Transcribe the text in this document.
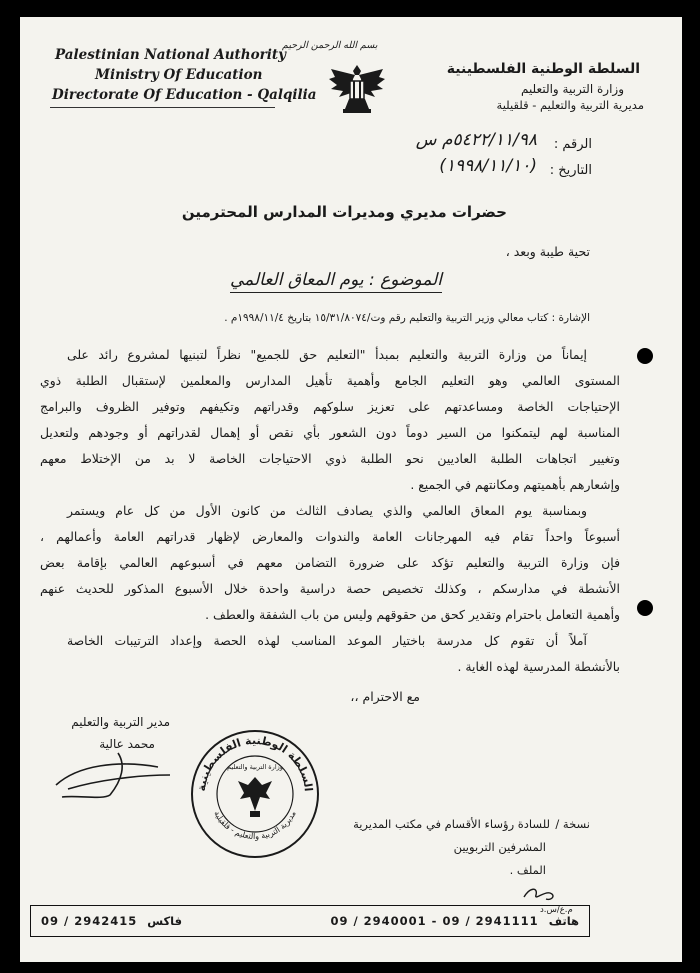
Palestinian National Authority
Ministry Of Education
Directorate Of Education - Qalqilia
بسم الله الرحمن الرحيم
السلطة الوطنية الفلسطينية
وزارة التربية والتعليم
مديرية التربية والتعليم - قلقيلية
الرقم :
٥٤٢٢/١١/٩٨م س
التاريخ :
(١٩٩٨/١١/١٠)
حضرات مديري ومديرات المدارس المحترمين
تحية طيبة وبعد ،
الموضوع : يوم المعاق العالمي
الإشارة : كتاب معالي وزير التربية والتعليم رقم وت/١٥/٣١/٨٠٧٤ بتاريخ ١٩٩٨/١١/٤م .
إيماناً من وزارة التربية والتعليم بمبدأ "التعليم حق للجميع" نظراً لتبنيها لمشروع رائد على
المستوى العالمي وهو التعليم الجامع وأهمية تأهيل المدارس والمعلمين لإستقبال الطلبة ذوي
الإحتياجات الخاصة ومساعدتهم على تعزيز سلوكهم وقدراتهم وتكيفهم وتوفير الظروف والبرامج
المناسبة لهم ليتمكنوا من السير دوماً دون الشعور بأي نقص أو إهمال لقدراتهم أو وجودهم ولتعديل
وتغيير اتجاهات الطلبة العاديين نحو الطلبة ذوي الاحتياجات الخاصة لا بد من الإختلاط معهم
وإشعارهم بأهميتهم ومكانتهم في الجميع .
وبمناسبة يوم المعاق العالمي والذي يصادف الثالث من كانون الأول من كل عام ويستمر
أسبوعاً واحداً تقام فيه المهرجانات العامة والندوات والمعارض لإظهار قدراتهم العامة وأعمالهم ،
فإن وزارة التربية والتعليم تؤكد على ضرورة التضامن معهم في أسبوعهم العالمي بإقامة بعض
الأنشطة في مدارسكم ، وكذلك تخصيص حصة دراسية واحدة خلال الأسبوع المذكور للحديث عنهم
وأهمية التعامل باحترام وتقدير كحق من حقوقهم وليس من باب الشفقة والعطف .
آملاً أن تقوم كل مدرسة باختيار الموعد المناسب لهذه الحصة وإعداد الترتيبات الخاصة
بالأنشطة المدرسية لهذه الغاية .
مع الاحترام ،،
مدير التربية والتعليم
محمد عالية
السلطة الوطنية الفلسطينية
مديرية التربية والتعليم - قلقيلية
وزارة التربية والتعليم
نسخة /
للسادة رؤساء الأقسام في مكتب المديرية
المشرفين التربويين
الملف .
م.ع/س.د
09 / 2942415 فاكس	09 / 2940001 - 09 / 2941111 هاتف
